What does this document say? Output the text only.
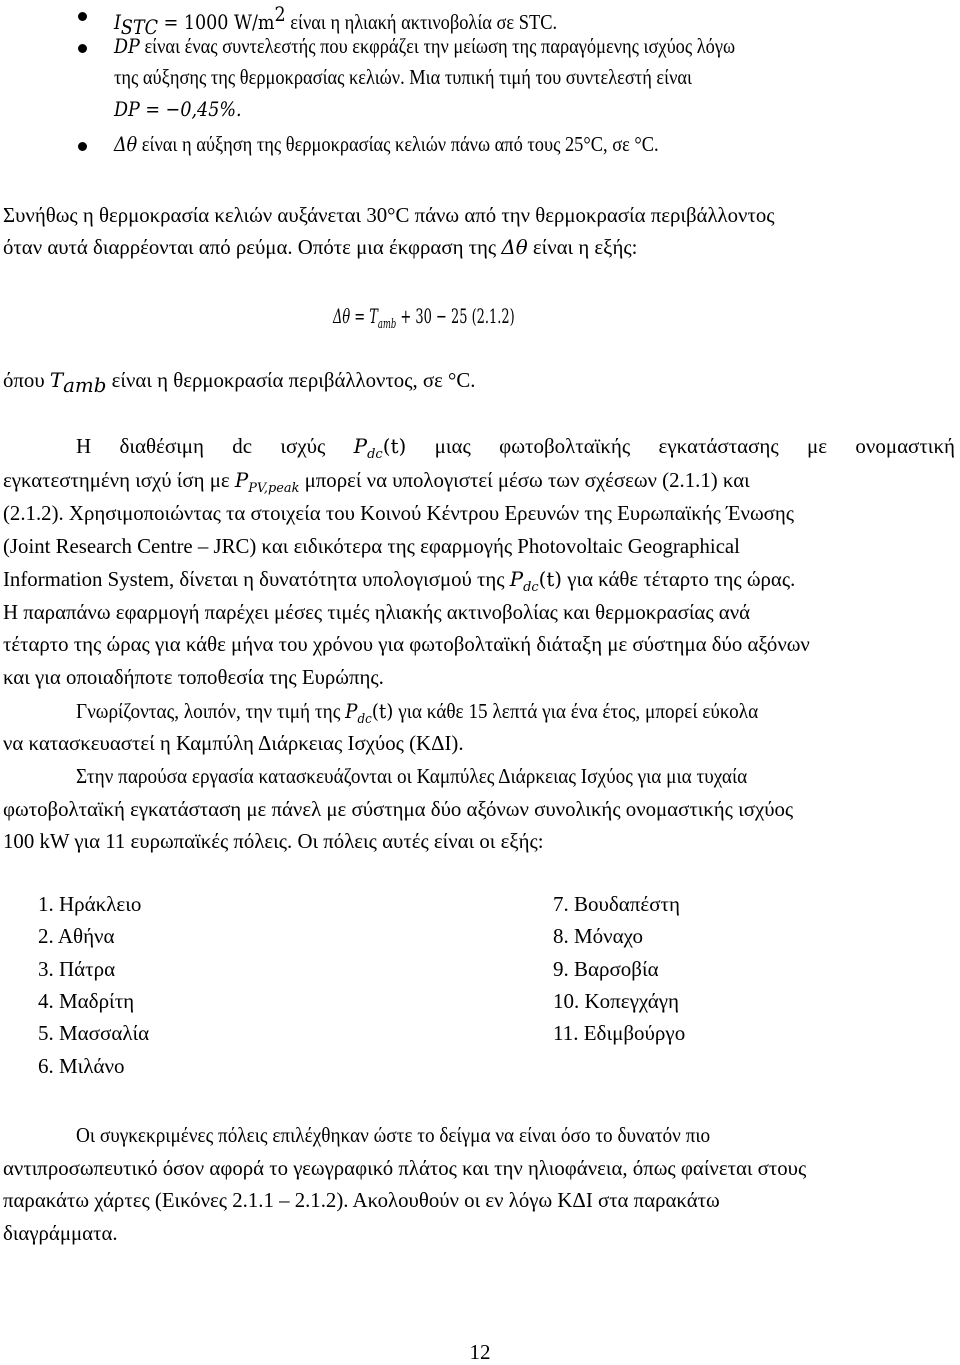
$I_{STC} = 1000$ $W/m^2$ είναι η ηλιακή ακτινοβολία σε STC.
DP είναι ένας συντελεστής που εκφράζει την μείωση της παραγόμενης ισχύος λόγω
της αύξησης της θερμοκρασίας κελιών. Μια τυπική τιμή του συντελεστή είναι
DP = −0,45%.
Δθ είναι η αύξηση της θερμοκρασίας κελιών πάνω από τους 25°C, σε °C.
Συνήθως η θερμοκρασία κελιών αυξάνεται 30°C πάνω από την θερμοκρασία περιβάλλοντος
όταν αυτά διαρρέονται από ρεύμα. Οπότε μια έκφραση της Δθ είναι η εξής:
$\Delta\theta = T_{amb} + 30 - 25$ (2.1.2)
όπου $T_{amb}$ είναι η θερμοκρασία περιβάλλοντος, σε °C.
Η διαθέσιμη dc ισχύς $P_{dc}(t)$ μιας φωτοβολταϊκής εγκατάστασης με ονομαστική
εγκατεστημένη ισχύ ίση με $P_{PV,peak}$ μπορεί να υπολογιστεί μέσω των σχέσεων (2.1.1) και
(2.1.2). Χρησιμοποιώντας τα στοιχεία του Κοινού Κέντρου Ερευνών της Ευρωπαϊκής Ένωσης
(Joint Research Centre – JRC) και ειδικότερα της εφαρμογής Photovoltaic Geographical
Information System, δίνεται η δυνατότητα υπολογισμού της $P_{dc}(t)$ για κάθε τέταρτο της ώρας.
Η παραπάνω εφαρμογή παρέχει μέσες τιμές ηλιακής ακτινοβολίας και θερμοκρασίας ανά
τέταρτο της ώρας για κάθε μήνα του χρόνου για φωτοβολταϊκή διάταξη με σύστημα δύο αξόνων
και για οποιαδήποτε τοποθεσία της Ευρώπης.
Γνωρίζοντας, λοιπόν, την τιμή της $P_{dc}(t)$ για κάθε 15 λεπτά για ένα έτος, μπορεί εύκολα
να κατασκευαστεί η Καμπύλη Διάρκειας Ισχύος (ΚΔΙ).
Στην παρούσα εργασία κατασκευάζονται οι Καμπύλες Διάρκειας Ισχύος για μια τυχαία
φωτοβολταϊκή εγκατάσταση με πάνελ με σύστημα δύο αξόνων συνολικής ονομαστικής ισχύος
100 kW για 11 ευρωπαϊκές πόλεις. Οι πόλεις αυτές είναι οι εξής:
1. Ηράκλειο
2. Αθήνα
3. Πάτρα
4. Μαδρίτη
5. Μασσαλία
6. Μιλάνο
7. Βουδαπέστη
8. Μόναχο
9. Βαρσοβία
10. Κοπεγχάγη
11. Εδιμβούργο
Οι συγκεκριμένες πόλεις επιλέχθηκαν ώστε το δείγμα να είναι όσο το δυνατόν πιο
αντιπροσωπευτικό όσον αφορά το γεωγραφικό πλάτος και την ηλιοφάνεια, όπως φαίνεται στους
παρακάτω χάρτες (Εικόνες 2.1.1 – 2.1.2). Ακολουθούν οι εν λόγω ΚΔΙ στα παρακάτω
διαγράμματα.
12
